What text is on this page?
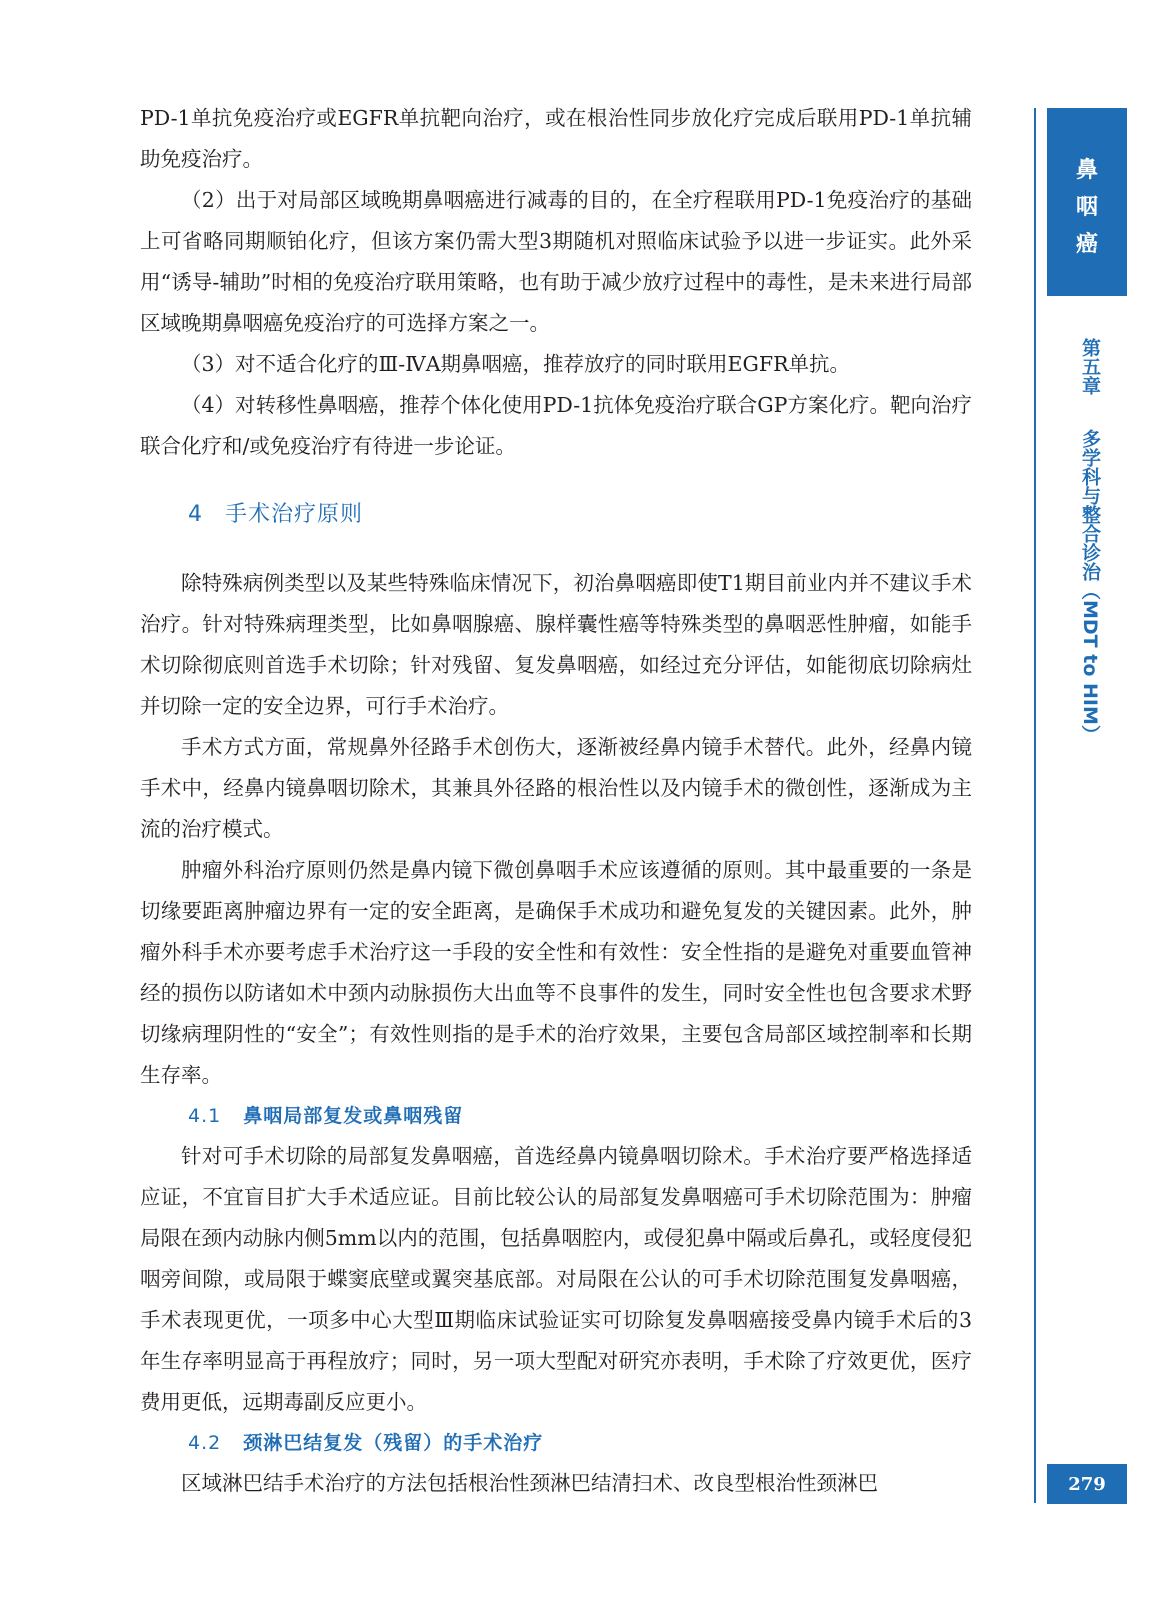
PD-1单抗免疫治疗或EGFR单抗靶向治疗，或在根治性同步放化疗完成后联用PD-1单抗辅助免疫治疗。

（2）出于对局部区域晚期鼻咽癌进行减毒的目的，在全疗程联用PD-1免疫治疗的基础上可省略同期顺铂化疗，但该方案仍需大型3期随机对照临床试验予以进一步证实。此外采用“诱导-辅助”时相的免疫治疗联用策略，也有助于减少放疗过程中的毒性，是未来进行局部区域晚期鼻咽癌免疫治疗的可选择方案之一。

（3）对不适合化疗的Ⅲ-ⅣA期鼻咽癌，推荐放疗的同时联用EGFR单抗。

（4）对转移性鼻咽癌，推荐个体化使用PD-1抗体免疫治疗联合GP方案化疗。靶向治疗联合化疗和/或免疫治疗有待进一步论证。

4 手术治疗原则

除特殊病例类型以及某些特殊临床情况下，初治鼻咽癌即使T1期目前业内并不建议手术治疗。针对特殊病理类型，比如鼻咽腺癌、腺样囊性癌等特殊类型的鼻咽恶性肿瘤，如能手术切除彻底则首选手术切除；针对残留、复发鼻咽癌，如经过充分评估，如能彻底切除病灶并切除一定的安全边界，可行手术治疗。

手术方式方面，常规鼻外径路手术创伤大，逐渐被经鼻内镜手术替代。此外，经鼻内镜手术中，经鼻内镜鼻咽切除术，其兼具外径路的根治性以及内镜手术的微创性，逐渐成为主流的治疗模式。

肿瘤外科治疗原则仍然是鼻内镜下微创鼻咽手术应该遵循的原则。其中最重要的一条是切缘要距离肿瘤边界有一定的安全距离，是确保手术成功和避免复发的关键因素。此外，肿瘤外科手术亦要考虑手术治疗这一手段的安全性和有效性：安全性指的是避免对重要血管神经的损伤以防诸如术中颈内动脉损伤大出血等不良事件的发生，同时安全性也包含要求术野切缘病理阴性的“安全”；有效性则指的是手术的治疗效果，主要包含局部区域控制率和长期生存率。

4.1 鼻咽局部复发或鼻咽残留

针对可手术切除的局部复发鼻咽癌，首选经鼻内镜鼻咽切除术。手术治疗要严格选择适应证，不宜盲目扩大手术适应证。目前比较公认的局部复发鼻咽癌可手术切除范围为：肿瘤局限在颈内动脉内侧5mm以内的范围，包括鼻咽腔内，或侵犯鼻中隔或后鼻孔，或轻度侵犯咽旁间隙，或局限于蝶窦底壁或翼突基底部。对局限在公认的可手术切除范围复发鼻咽癌，手术表现更优，一项多中心大型Ⅲ期临床试验证实可切除复发鼻咽癌接受鼻内镜手术后的3年生存率明显高于再程放疗；同时，另一项大型配对研究亦表明，手术除了疗效更优，医疗费用更低，远期毒副反应更小。

4.2 颈淋巴结复发（残留）的手术治疗

区域淋巴结手术治疗的方法包括根治性颈淋巴结清扫术、改良型根治性颈淋巴

鼻
咽
癌
第五章多学科与整合诊治（MDT to HIM）
279
